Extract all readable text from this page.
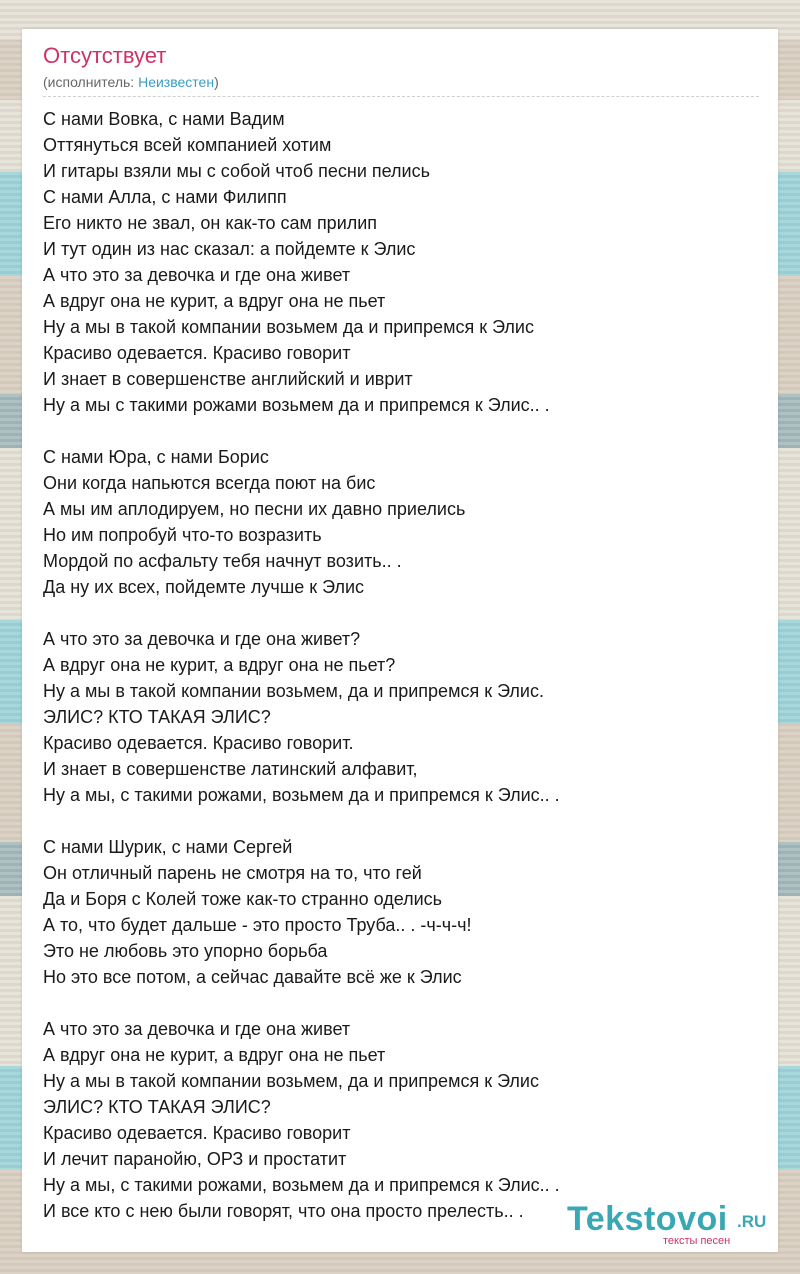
Отсутствует
(исполнитель: Неизвестен)
С нами Вовка, с нами Вадим
Оттянуться всей компанией хотим
И гитары взяли мы с собой чтоб песни пелись
С нами Алла, с нами Филипп
Его никто не звал, он как-то сам прилип
И тут один из нас сказал: а пойдемте к Элис
А что это за девочка и где она живет
А вдруг она не курит, а вдруг она не пьет
Ну а мы в такой компании возьмем да и припремся к Элис
Красиво одевается. Красиво говорит
И знает в совершенстве английский и иврит
Ну а мы с такими рожами возьмем да и припремся к Элис.. .
С нами Юра, с нами Борис
Они когда напьются всегда поют на бис
А мы им аплодируем, но песни их давно приелись
Но им попробуй что-то возразить
Мордой по асфальту тебя начнут возить.. .
Да ну их всех, пойдемте лучше к Элис
А что это за девочка и где она живет?
А вдруг она не курит, а вдруг она не пьет?
Ну а мы в такой компании возьмем, да и припремся к Элис.
ЭЛИС? КТО ТАКАЯ ЭЛИС?
Красиво одевается. Красиво говорит.
И знает в совершенстве латинский алфавит,
Ну а мы, с такими рожами, возьмем да и припремся к Элис.. .
С нами Шурик, с нами Сергей
Он отличный парень не смотря на то, что гей
Да и Боря с Колей тоже как-то странно оделись
А то, что будет дальше - это просто Труба.. . -ч-ч-ч!
Это не любовь это упорно борьба
Но это все потом, а сейчас давайте всё же к Элис
А что это за девочка и где она живет
А вдруг она не курит, а вдруг она не пьет
Ну а мы в такой компании возьмем, да и припремся к Элис
ЭЛИС? КТО ТАКАЯ ЭЛИС?
Красиво одевается. Красиво говорит
И лечит паранойю, ОРЗ и простатит
Ну а мы, с такими рожами, возьмем да и припремся к Элис.. .
И все кто с нею были говорят, что она просто прелесть.. .	Tekstovoi .RU
тексты песен
